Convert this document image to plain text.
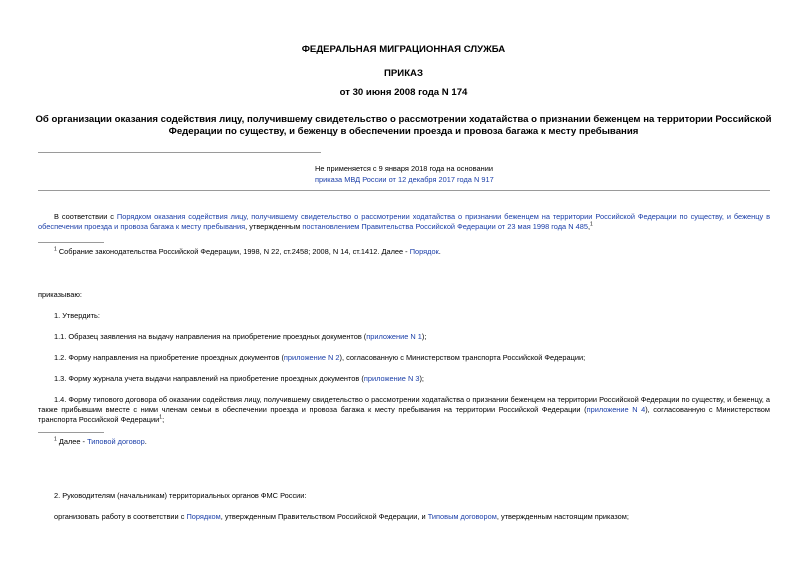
ФЕДЕРАЛЬНАЯ МИГРАЦИОННАЯ СЛУЖБА
ПРИКАЗ
от 30 июня 2008 года N 174
Об организации оказания содействия лицу, получившему свидетельство о рассмотрении ходатайства о признании беженцем на территории Российской
Федерации по существу, и беженцу в обеспечении проезда и провоза багажа к месту пребывания
Не применяется с 9 января 2018 года на основании
приказа МВД России от 12 декабря 2017 года N 917
В соответствии с Порядком оказания содействия лицу, получившему свидетельство о рассмотрении ходатайства о признании беженцем на территории Российской Федерации по существу, и беженцу в обеспечении проезда и провоза багажа к месту пребывания, утвержденным постановлением Правительства Российской Федерации от 23 мая 1998 года N 485,$^1$
$^1$ Собрание законодательства Российской Федерации, 1998, N 22, ст.2458; 2008, N 14, ст.1412. Далее - Порядок.
приказываю:
1. Утвердить:
1.1. Образец заявления на выдачу направления на приобретение проездных документов (приложение N 1);
1.2. Форму направления на приобретение проездных документов (приложение N 2), согласованную с Министерством транспорта Российской Федерации;
1.3. Форму журнала учета выдачи направлений на приобретение проездных документов (приложение N 3);
1.4. Форму типового договора об оказании содействия лицу, получившему свидетельство о рассмотрении ходатайства о признании беженцем на территории Российской Федерации по существу, и беженцу, а также прибывшим вместе с ними членам семьи в обеспечении проезда и провоза багажа к месту пребывания на территории Российской Федерации (приложение N 4), согласованную с Министерством транспорта Российской Федерации$^1$;
$^1$ Далее - Типовой договор.
2. Руководителям (начальникам) территориальных органов ФМС России:
организовать работу в соответствии с Порядком, утвержденным Правительством Российской Федерации, и Типовым договором, утвержденным настоящим приказом;
